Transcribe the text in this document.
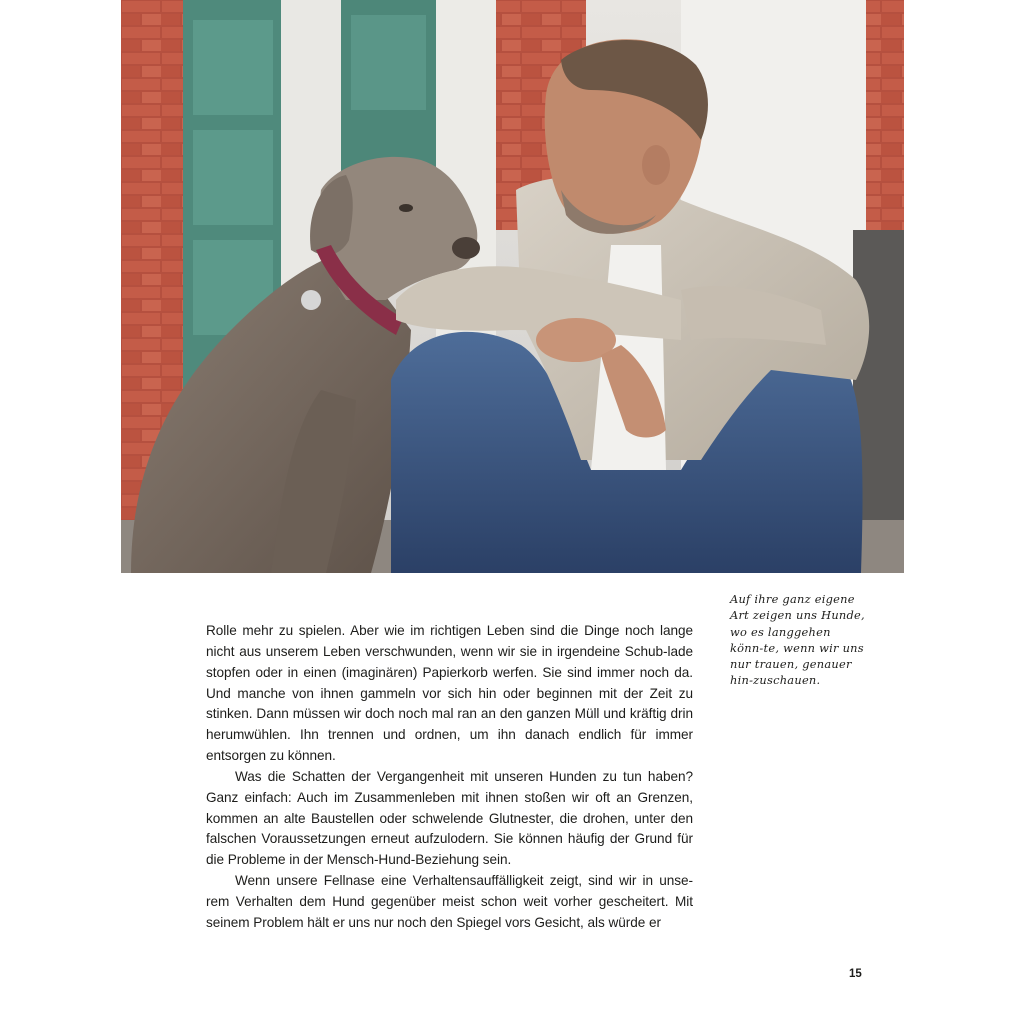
Rolle mehr zu spielen. Aber wie im richtigen Leben sind die Dinge noch lange nicht aus unserem Leben verschwunden, wenn wir sie in irgendeine Schub-lade stopfen oder in einen (imaginären) Papierkorb werfen. Sie sind immer noch da. Und manche von ihnen gammeln vor sich hin oder beginnen mit der Zeit zu stinken. Dann müssen wir doch noch mal ran an den ganzen Müll und kräftig drin herumwühlen. Ihn trennen und ordnen, um ihn danach endlich für immer entsorgen zu können.

Was die Schatten der Vergangenheit mit unseren Hunden zu tun haben? Ganz einfach: Auch im Zusammenleben mit ihnen stoßen wir oft an Grenzen, kommen an alte Baustellen oder schwelende Glutnester, die drohen, unter den falschen Voraussetzungen erneut aufzulodern. Sie können häufig der Grund für die Probleme in der Mensch-Hund-Beziehung sein.

Wenn unsere Fellnase eine Verhaltensauffälligkeit zeigt, sind wir in unse-rem Verhalten dem Hund gegenüber meist schon weit vorher gescheitert. Mit seinem Problem hält er uns nur noch den Spiegel vors Gesicht, als würde er

Auf ihre ganz eigene Art zeigen uns Hunde, wo es langgehen könn-te, wenn wir uns nur trauen, genauer hin-zuschauen.
15
